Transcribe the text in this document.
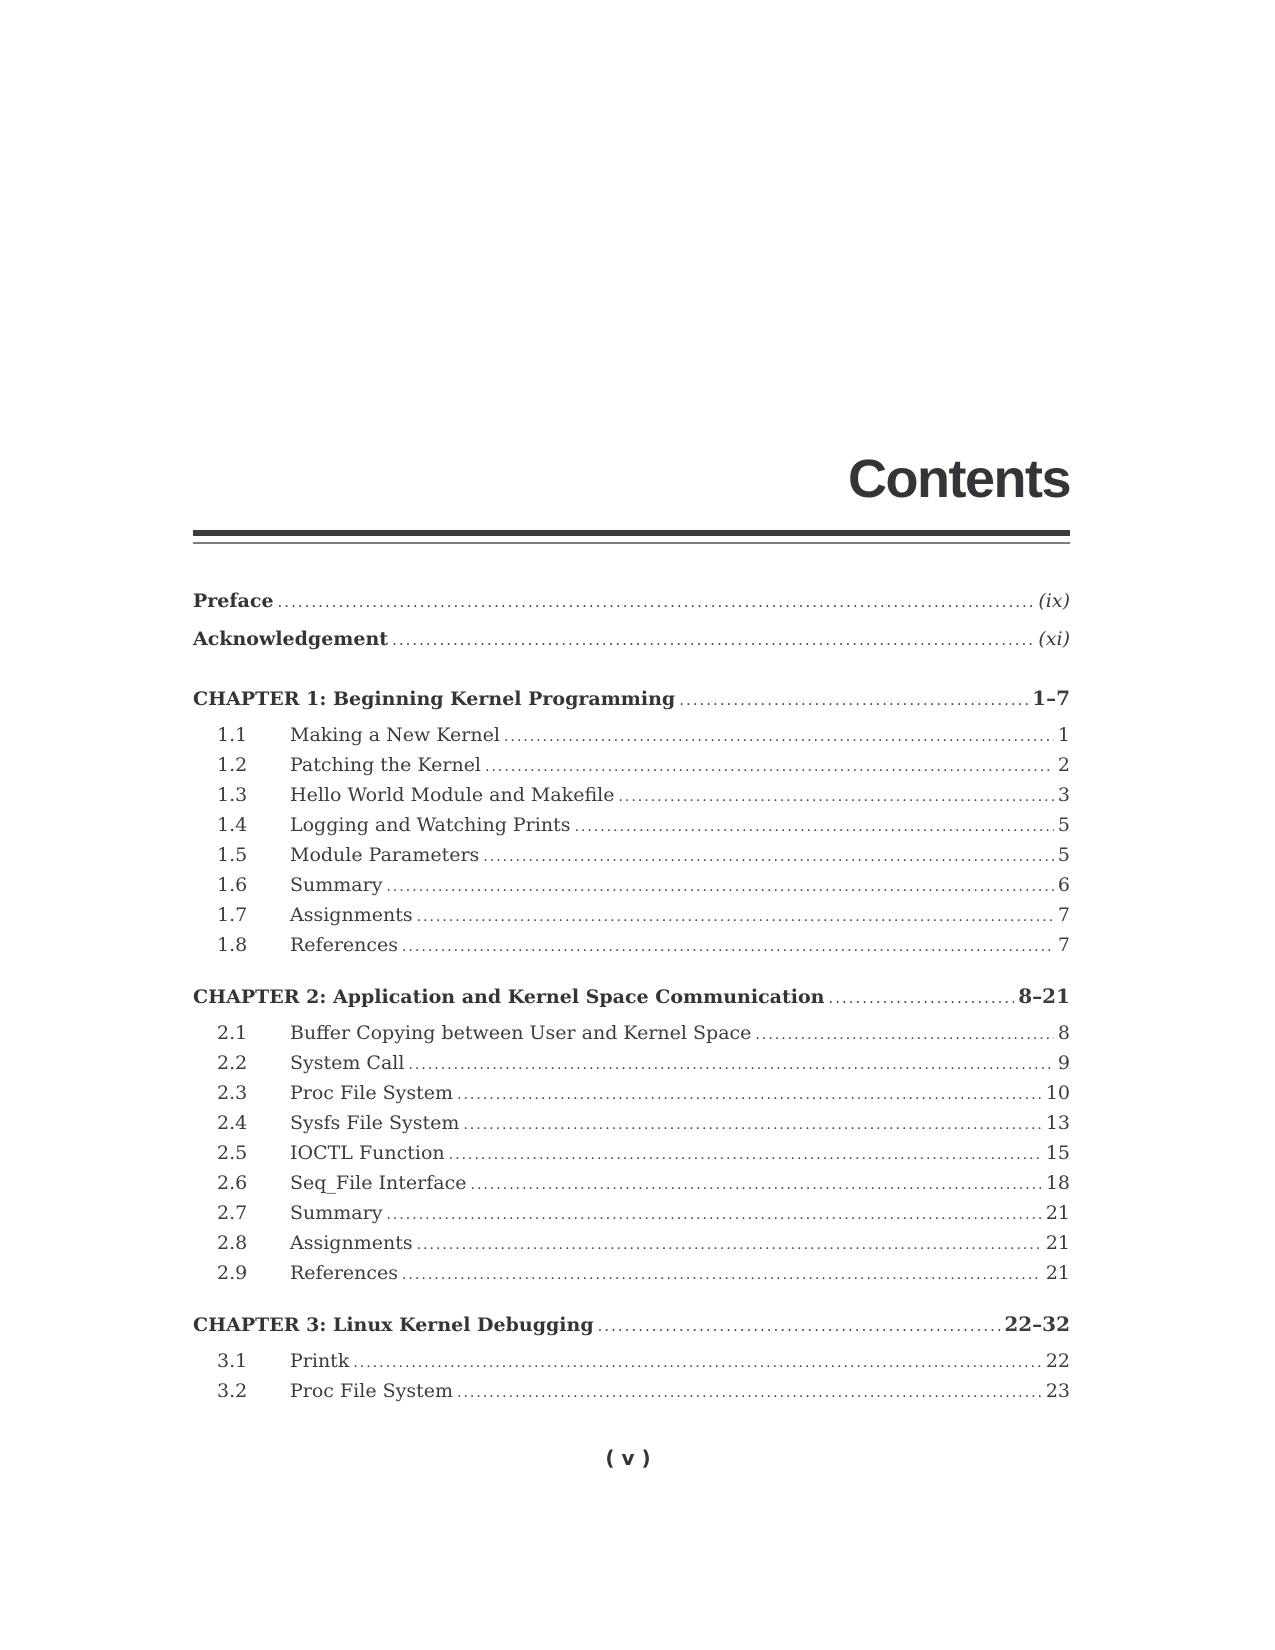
Contents
Preface .....	(ix)
Acknowledgement .....	(xi)
CHAPTER 1: Beginning Kernel Programming .....	1–7
1.1	Making a New Kernel .....	1
1.2	Patching the Kernel .....	2
1.3	Hello World Module and Makefile .....	3
1.4	Logging and Watching Prints .....	5
1.5	Module Parameters .....	5
1.6	Summary .....	6
1.7	Assignments .....	7
1.8	References .....	7
CHAPTER 2: Application and Kernel Space Communication .....	8–21
2.1	Buffer Copying between User and Kernel Space .....	8
2.2	System Call .....	9
2.3	Proc File System .....	10
2.4	Sysfs File System .....	13
2.5	IOCTL Function .....	15
2.6	Seq_File Interface .....	18
2.7	Summary .....	21
2.8	Assignments .....	21
2.9	References .....	21
CHAPTER 3: Linux Kernel Debugging .....	22–32
3.1	Printk .....	22
3.2	Proc File System .....	23
( v )
